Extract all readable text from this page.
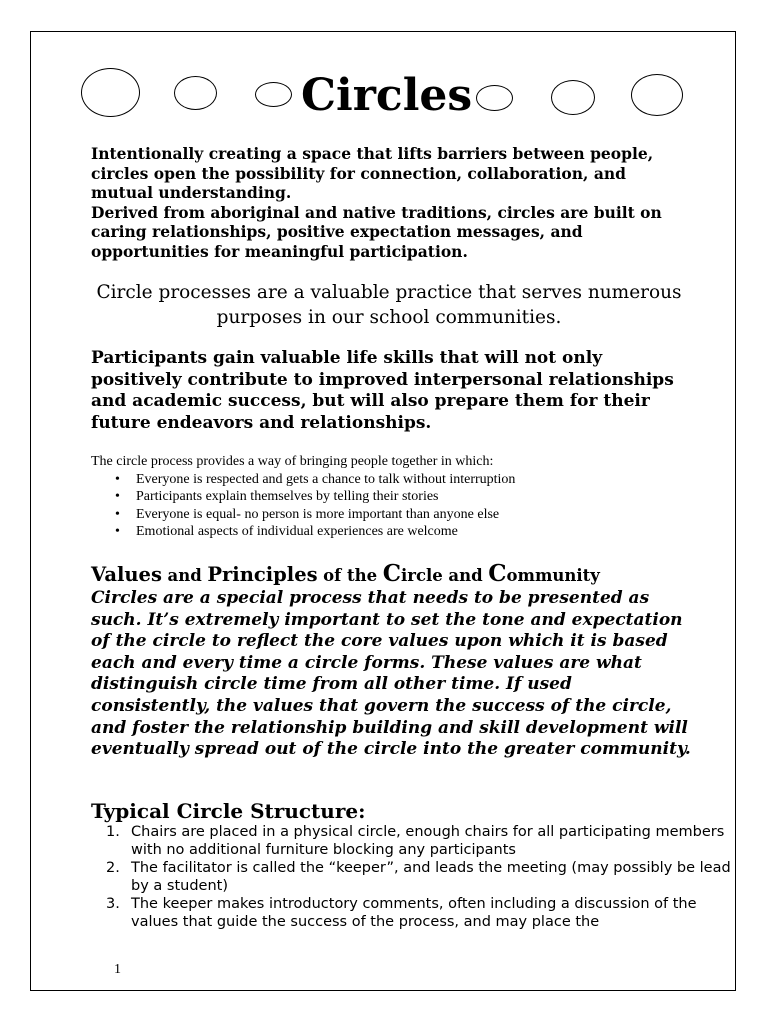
Circles

Intentionally creating a space that lifts barriers between people, circles open the possibility for connection, collaboration, and mutual understanding.

Derived from aboriginal and native traditions, circles are built on caring relationships, positive expectation messages, and opportunities for meaningful participation.

Circle processes are a valuable practice that serves numerous purposes in our school communities.
Participants gain valuable life skills that will not only positively contribute to improved interpersonal relationships and academic success, but will also prepare them for their future endeavors and relationships.
The circle process provides a way of bringing people together in which:
• Everyone is respected and gets a chance to talk without interruption
• Participants explain themselves by telling their stories
• Everyone is equal- no person is more important than anyone else
• Emotional aspects of individual experiences are welcome
Values and Principles of the Circle and Community
Circles are a special process that needs to be presented as such. It’s extremely important to set the tone and expectation of the circle to reflect the core values upon which it is based each and every time a circle forms. These values are what distinguish circle time from all other time. If used consistently, the values that govern the success of the circle, and foster the relationship building and skill development will eventually spread out of the circle into the greater community.
Typical Circle Structure:
1. Chairs are placed in a physical circle, enough chairs for all participating members with no additional furniture blocking any participants
2. The facilitator is called the “keeper”, and leads the meeting (may possibly be lead by a student)
3. The keeper makes introductory comments, often including a discussion of the values that guide the success of the process, and may place the
1
